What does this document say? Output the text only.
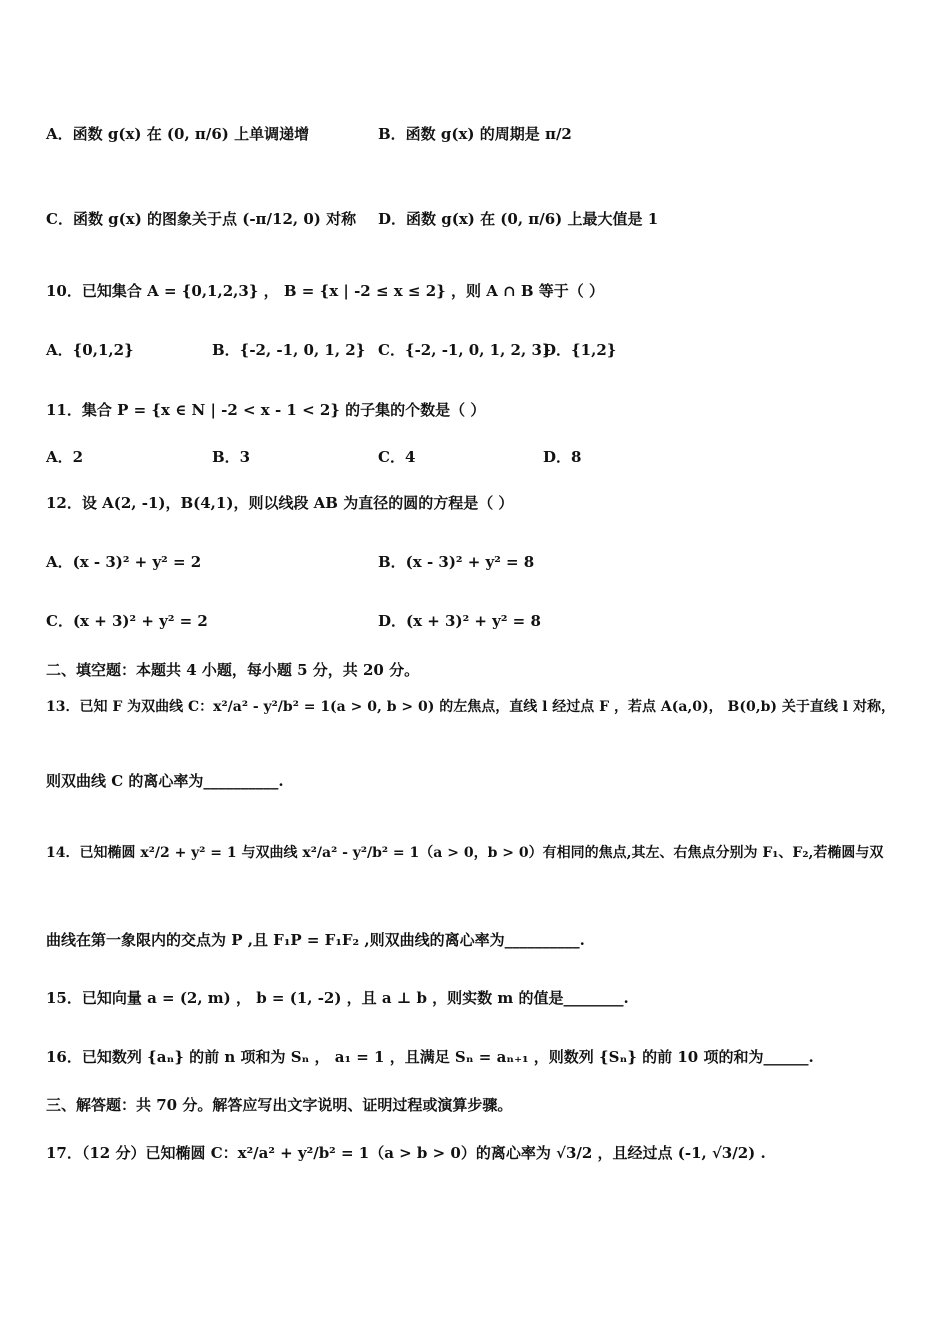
A．函数 g(x) 在 (0, π/6) 上单调递增	B．函数 g(x) 的周期是 π/2
C．函数 g(x) 的图象关于点 (-π/12, 0) 对称 D．函数 g(x) 在 (0, π/6) 上最大值是 1
10．已知集合 A = {0,1,2,3} ， B = {x | -2 ≤ x ≤ 2} ，则 A ∩ B 等于（ ）
A．{0,1,2}	B．{-2, -1, 0, 1, 2} C．{-2, -1, 0, 1, 2, 3}
D．{1,2}
11．集合 P = {x ∈ N | -2 < x - 1 < 2} 的子集的个数是（ ）
A．2	B．3	C．4	D．8
12．设 A(2, -1)，B(4,1)，则以线段 AB 为直径的圆的方程是（ ）
A．(x - 3)² + y² = 2	B．(x - 3)² + y² = 8
C．(x + 3)² + y² = 2	D．(x + 3)² + y² = 8
二、填空题：本题共 4 小题，每小题 5 分，共 20 分。
13．已知 F 为双曲线 C：x²/a² - y²/b² = 1(a > 0, b > 0) 的左焦点，直线 l 经过点 F ，若点 A(a,0)， B(0,b) 关于直线 l 对称，
则双曲线 C 的离心率为__________.
14．已知椭圆 x²/2 + y² = 1 与双曲线 x²/a² - y²/b² = 1（a > 0，b > 0）有相同的焦点,其左、右焦点分别为 F₁、F₂,若椭圆与双
曲线在第一象限内的交点为 P ,且 F₁P = F₁F₂ ,则双曲线的离心率为__________.
15．已知向量 a = (2, m) ， b = (1, -2) ，且 a ⊥ b ，则实数 m 的值是________.
16．已知数列 {aₙ} 的前 n 项和为 Sₙ ， a₁ = 1 ，且满足 Sₙ = aₙ₊₁ ，则数列 {Sₙ} 的前 10 项的和为______.
三、解答题：共 70 分。解答应写出文字说明、证明过程或演算步骤。
17．（12 分）已知椭圆 C：x²/a² + y²/b² = 1（a > b > 0）的离心率为 √3/2 ，且经过点 (-1, √3/2) .
